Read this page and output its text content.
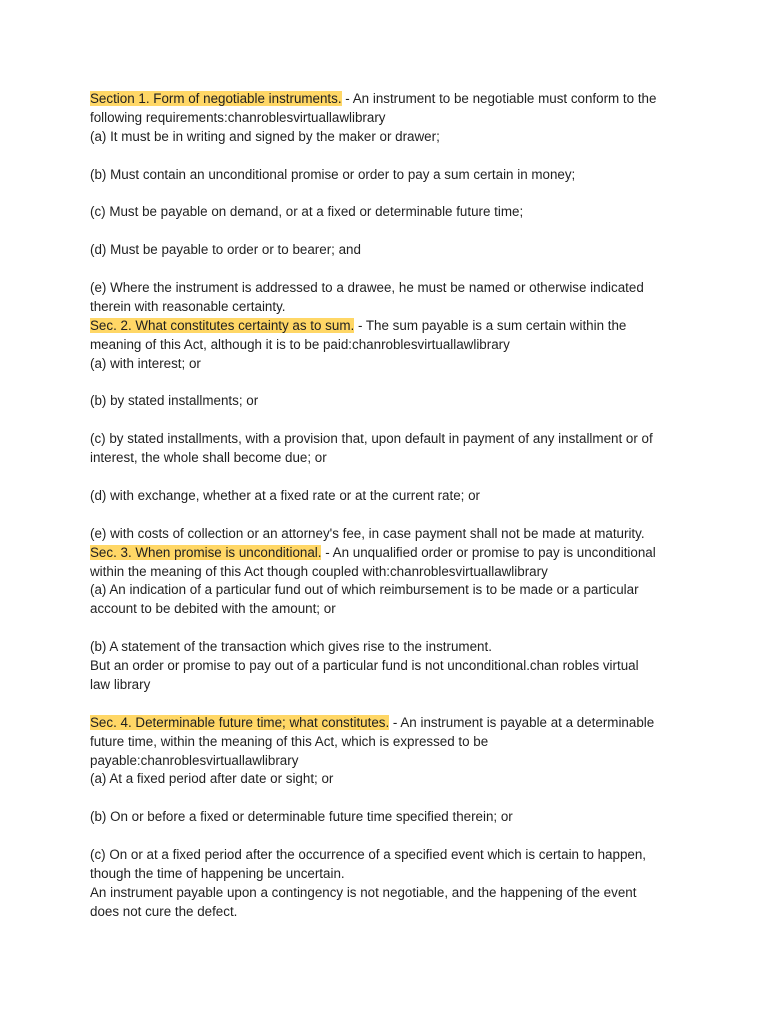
Section 1. Form of negotiable instruments. - An instrument to be negotiable must conform to the
following requirements:chanroblesvirtuallawlibrary
(a) It must be in writing and signed by the maker or drawer;
(b) Must contain an unconditional promise or order to pay a sum certain in money;
(c) Must be payable on demand, or at a fixed or determinable future time;
(d) Must be payable to order or to bearer; and
(e) Where the instrument is addressed to a drawee, he must be named or otherwise indicated
therein with reasonable certainty.
Sec. 2. What constitutes certainty as to sum. - The sum payable is a sum certain within the
meaning of this Act, although it is to be paid:chanroblesvirtuallawlibrary
(a) with interest; or
(b) by stated installments; or
(c) by stated installments, with a provision that, upon default in payment of any installment or of
interest, the whole shall become due; or
(d) with exchange, whether at a fixed rate or at the current rate; or
(e) with costs of collection or an attorney's fee, in case payment shall not be made at maturity.
Sec. 3. When promise is unconditional. - An unqualified order or promise to pay is unconditional
within the meaning of this Act though coupled with:chanroblesvirtuallawlibrary
(a) An indication of a particular fund out of which reimbursement is to be made or a particular
account to be debited with the amount; or
(b) A statement of the transaction which gives rise to the instrument.
But an order or promise to pay out of a particular fund is not unconditional.chan robles virtual
law library
Sec. 4. Determinable future time; what constitutes. - An instrument is payable at a determinable
future time, within the meaning of this Act, which is expressed to be
payable:chanroblesvirtuallawlibrary
(a) At a fixed period after date or sight; or
(b) On or before a fixed or determinable future time specified therein; or
(c) On or at a fixed period after the occurrence of a specified event which is certain to happen,
though the time of happening be uncertain.
An instrument payable upon a contingency is not negotiable, and the happening of the event
does not cure the defect.
